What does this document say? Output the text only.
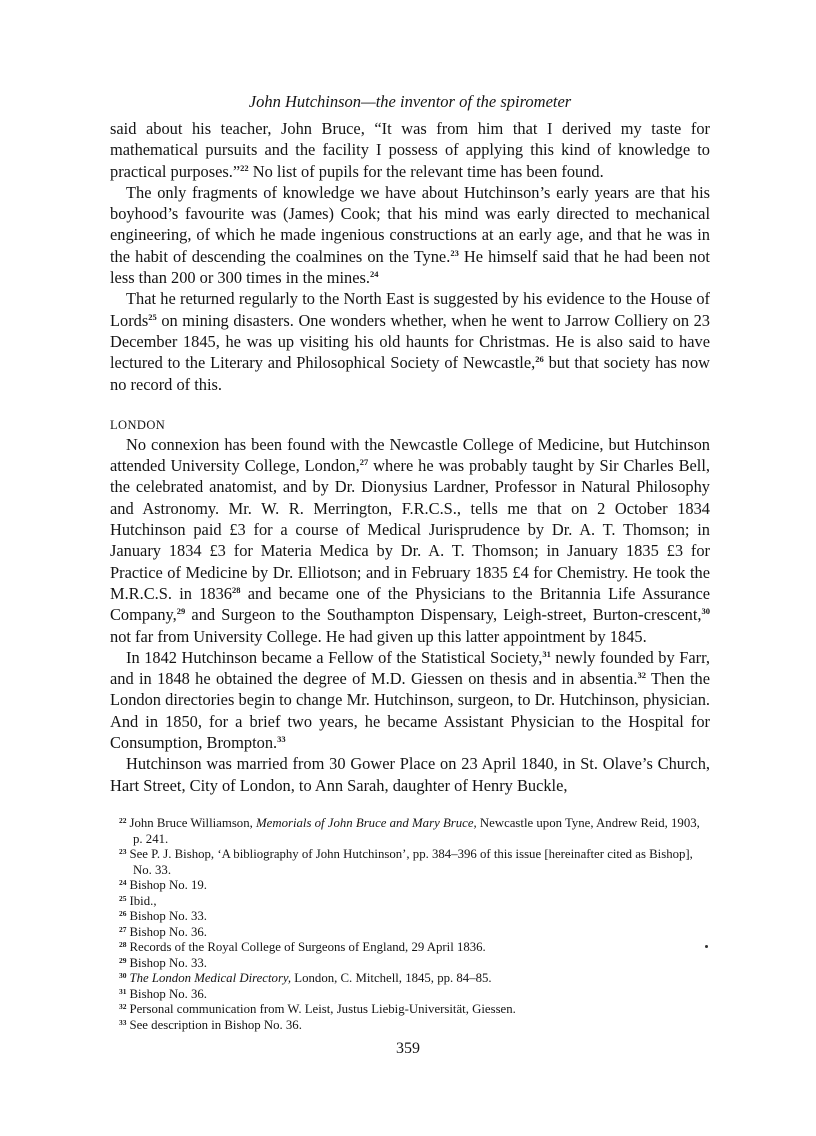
John Hutchinson—the inventor of the spirometer

said about his teacher, John Bruce, “It was from him that I derived my taste for mathematical pursuits and the facility I possess of applying this kind of knowledge to practical purposes.”$^{22}$ No list of pupils for the relevant time has been found.

The only fragments of knowledge we have about Hutchinson’s early years are that his boyhood’s favourite was (James) Cook; that his mind was early directed to mechanical engineering, of which he made ingenious constructions at an early age, and that he was in the habit of descending the coalmines on the Tyne.$^{23}$ He himself said that he had been not less than 200 or 300 times in the mines.$^{24}$

That he returned regularly to the North East is suggested by his evidence to the House of Lords$^{25}$ on mining disasters. One wonders whether, when he went to Jarrow Colliery on 23 December 1845, he was up visiting his old haunts for Christmas. He is also said to have lectured to the Literary and Philosophical Society of Newcastle,$^{26}$ but that society has now no record of this.

LONDON

No connexion has been found with the Newcastle College of Medicine, but Hutchinson attended University College, London,$^{27}$ where he was probably taught by Sir Charles Bell, the celebrated anatomist, and by Dr. Dionysius Lardner, Professor in Natural Philosophy and Astronomy. Mr. W. R. Merrington, F.R.C.S., tells me that on 2 October 1834 Hutchinson paid £3 for a course of Medical Jurisprudence by Dr. A. T. Thomson; in January 1834 £3 for Materia Medica by Dr. A. T. Thomson; in January 1835 £3 for Practice of Medicine by Dr. Elliotson; and in February 1835 £4 for Chemistry. He took the M.R.C.S. in 1836$^{28}$ and became one of the Physicians to the Britannia Life Assurance Company,$^{29}$ and Surgeon to the Southampton Dispensary, Leigh-street, Burton-crescent,$^{30}$ not far from University College. He had given up this latter appointment by 1845.

In 1842 Hutchinson became a Fellow of the Statistical Society,$^{31}$ newly founded by Farr, and in 1848 he obtained the degree of M.D. Giessen on thesis and in absentia.$^{32}$ Then the London directories begin to change Mr. Hutchinson, surgeon, to Dr. Hutchinson, physician. And in 1850, for a brief two years, he became Assistant Physician to the Hospital for Consumption, Brompton.$^{33}$

Hutchinson was married from 30 Gower Place on 23 April 1840, in St. Olave’s Church, Hart Street, City of London, to Ann Sarah, daughter of Henry Buckle,

$^{22}$ John Bruce Williamson, Memorials of John Bruce and Mary Bruce, Newcastle upon Tyne, Andrew Reid, 1903, p. 241.

$^{23}$ See P. J. Bishop, ‘A bibliography of John Hutchinson’, pp. 384–396 of this issue [hereinafter cited as Bishop], No. 33.

$^{24}$ Bishop No. 19.

$^{25}$ Ibid.,

$^{26}$ Bishop No. 33.

$^{27}$ Bishop No. 36.

$^{28}$ Records of the Royal College of Surgeons of England, 29 April 1836.

$^{29}$ Bishop No. 33.

$^{30}$ The London Medical Directory, London, C. Mitchell, 1845, pp. 84–85.

$^{31}$ Bishop No. 36.

$^{32}$ Personal communication from W. Leist, Justus Liebig-Universität, Giessen.

$^{33}$ See description in Bishop No. 36.

359
